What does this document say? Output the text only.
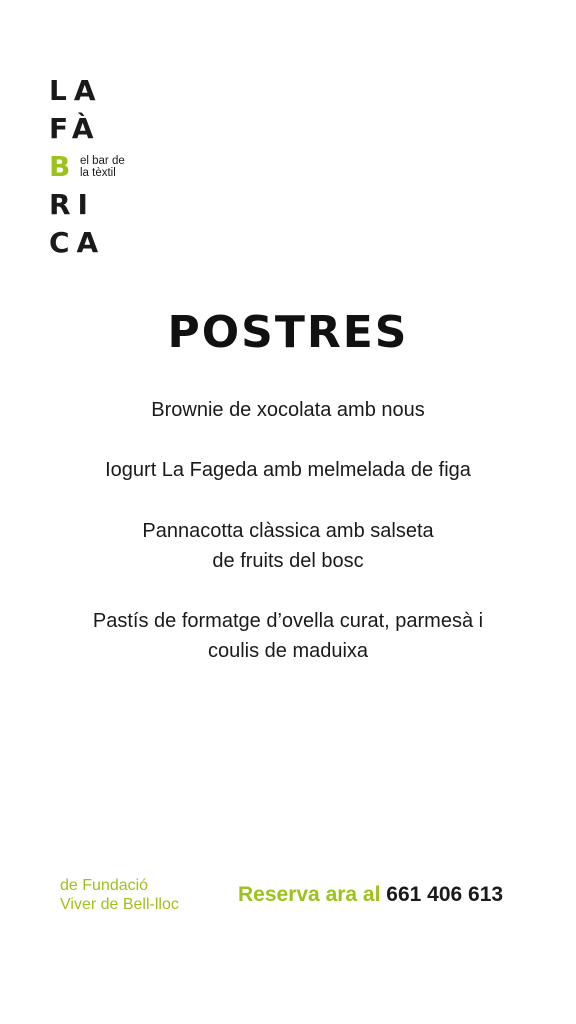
LA
FÀ
B el bar de
la tèxtil
RI
CA
POSTRES
Brownie de xocolata amb nous
Iogurt La Fageda amb melmelada de figa
Pannacotta clàssica amb salseta
de fruits del bosc
Pastís de formatge d’ovella curat, parmesà i
coulis de maduixa
de Fundació
Viver de Bell-lloc	Reserva ara al 661 406 613
